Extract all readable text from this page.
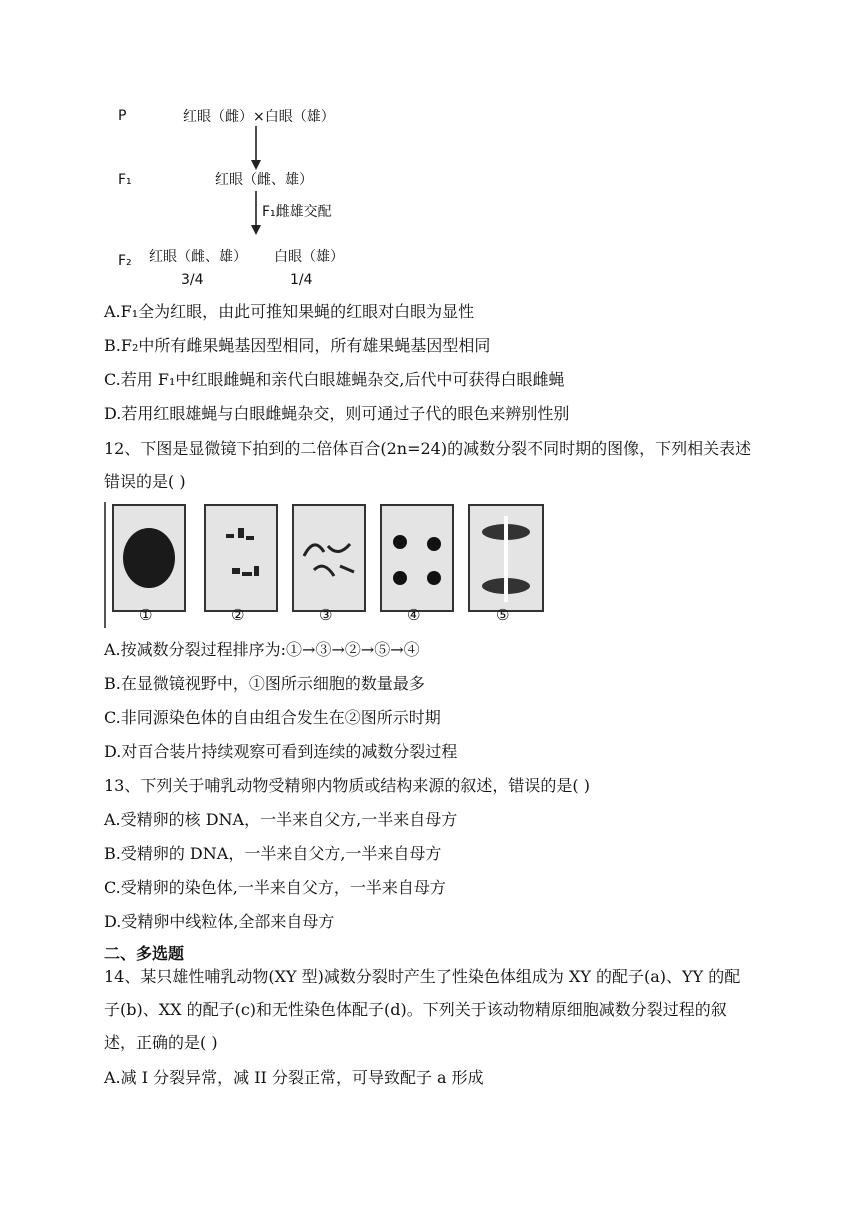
P	红眼（雌）×白眼（雄）
F₁	红眼（雌、雄）
F₁雌雄交配
F₂ 红眼（雌、雄）
3/4
白眼（雄）
1/4
A.F₁全为红眼，由此可推知果蝇的红眼对白眼为显性
B.F₂中所有雌果蝇基因型相同，所有雄果蝇基因型相同
C.若用 F₁中红眼雌蝇和亲代白眼雄蝇杂交,后代中可获得白眼雌蝇
D.若用红眼雄蝇与白眼雌蝇杂交，则可通过子代的眼色来辨别性别
12、下图是显微镜下拍到的二倍体百合(2n=24)的减数分裂不同时期的图像，下列相关表述错误的是( )
①	②	③	④	⑤
A.按减数分裂过程排序为:①→③→②→⑤→④
B.在显微镜视野中，①图所示细胞的数量最多
C.非同源染色体的自由组合发生在②图所示时期
D.对百合装片持续观察可看到连续的减数分裂过程
13、下列关于哺乳动物受精卵内物质或结构来源的叙述，错误的是( )
A.受精卵的核 DNA，一半来自父方,一半来自母方
B.受精卵的 DNA，一半来自父方,一半来自母方
C.受精卵的染色体,一半来自父方，一半来自母方
D.受精卵中线粒体,全部来自母方
二、多选题
14、某只雄性哺乳动物(XY 型)减数分裂时产生了性染色体组成为 XY 的配子(a)、YY 的配子(b)、XX 的配子(c)和无性染色体配子(d)。下列关于该动物精原细胞减数分裂过程的叙述，正确的是( )
A.减 I 分裂异常，减 II 分裂正常，可导致配子 a 形成
